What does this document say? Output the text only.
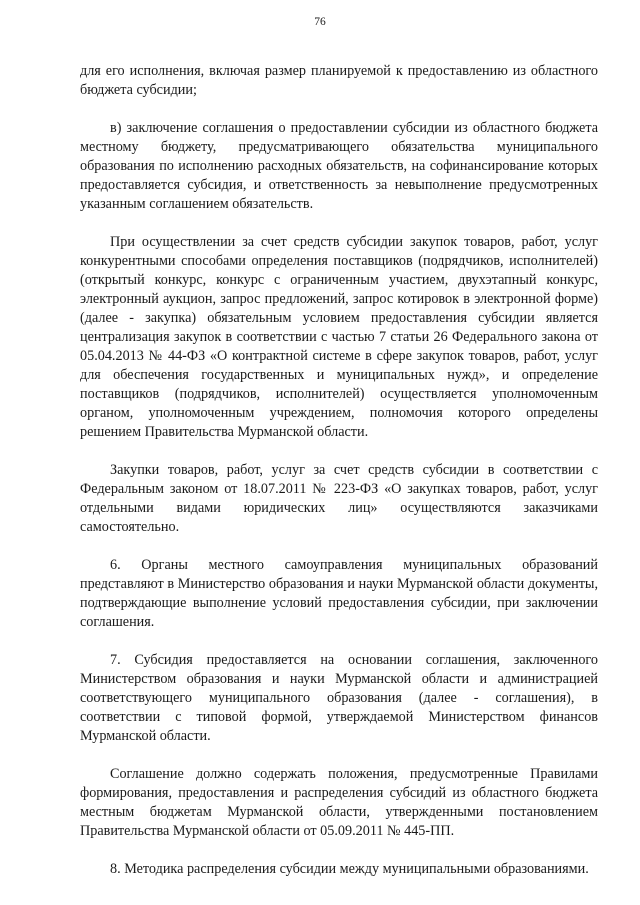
76

для его исполнения, включая размер планируемой к предоставлению из областного бюджета субсидии;

в) заключение соглашения о предоставлении субсидии из областного бюджета местному бюджету, предусматривающего обязательства муниципального образования по исполнению расходных обязательств, на софинансирование которых предоставляется субсидия, и ответственность за невыполнение предусмотренных указанным соглашением обязательств.

При осуществлении за счет средств субсидии закупок товаров, работ, услуг конкурентными способами определения поставщиков (подрядчиков, исполнителей) (открытый конкурс, конкурс с ограниченным участием, двухэтапный конкурс, электронный аукцион, запрос предложений, запрос котировок в электронной форме) (далее - закупка) обязательным условием предоставления субсидии является централизация закупок в соответствии с частью 7 статьи 26 Федерального закона от 05.04.2013 № 44-ФЗ «О контрактной системе в сфере закупок товаров, работ, услуг для обеспечения государственных и муниципальных нужд», и определение поставщиков (подрядчиков, исполнителей) осуществляется уполномоченным органом, уполномоченным учреждением, полномочия которого определены решением Правительства Мурманской области.

Закупки товаров, работ, услуг за счет средств субсидии в соответствии с Федеральным законом от 18.07.2011 № 223-ФЗ «О закупках товаров, работ, услуг отдельными видами юридических лиц» осуществляются заказчиками самостоятельно.

6. Органы местного самоуправления муниципальных образований представляют в Министерство образования и науки Мурманской области документы, подтверждающие выполнение условий предоставления субсидии, при заключении соглашения.

7. Субсидия предоставляется на основании соглашения, заключенного Министерством образования и науки Мурманской области и администрацией соответствующего муниципального образования (далее - соглашения), в соответствии с типовой формой, утверждаемой Министерством финансов Мурманской области.

Соглашение должно содержать положения, предусмотренные Правилами формирования, предоставления и распределения субсидий из областного бюджета местным бюджетам Мурманской области, утвержденными постановлением Правительства Мурманской области от 05.09.2011 № 445-ПП.

8. Методика распределения субсидии между муниципальными образованиями.
